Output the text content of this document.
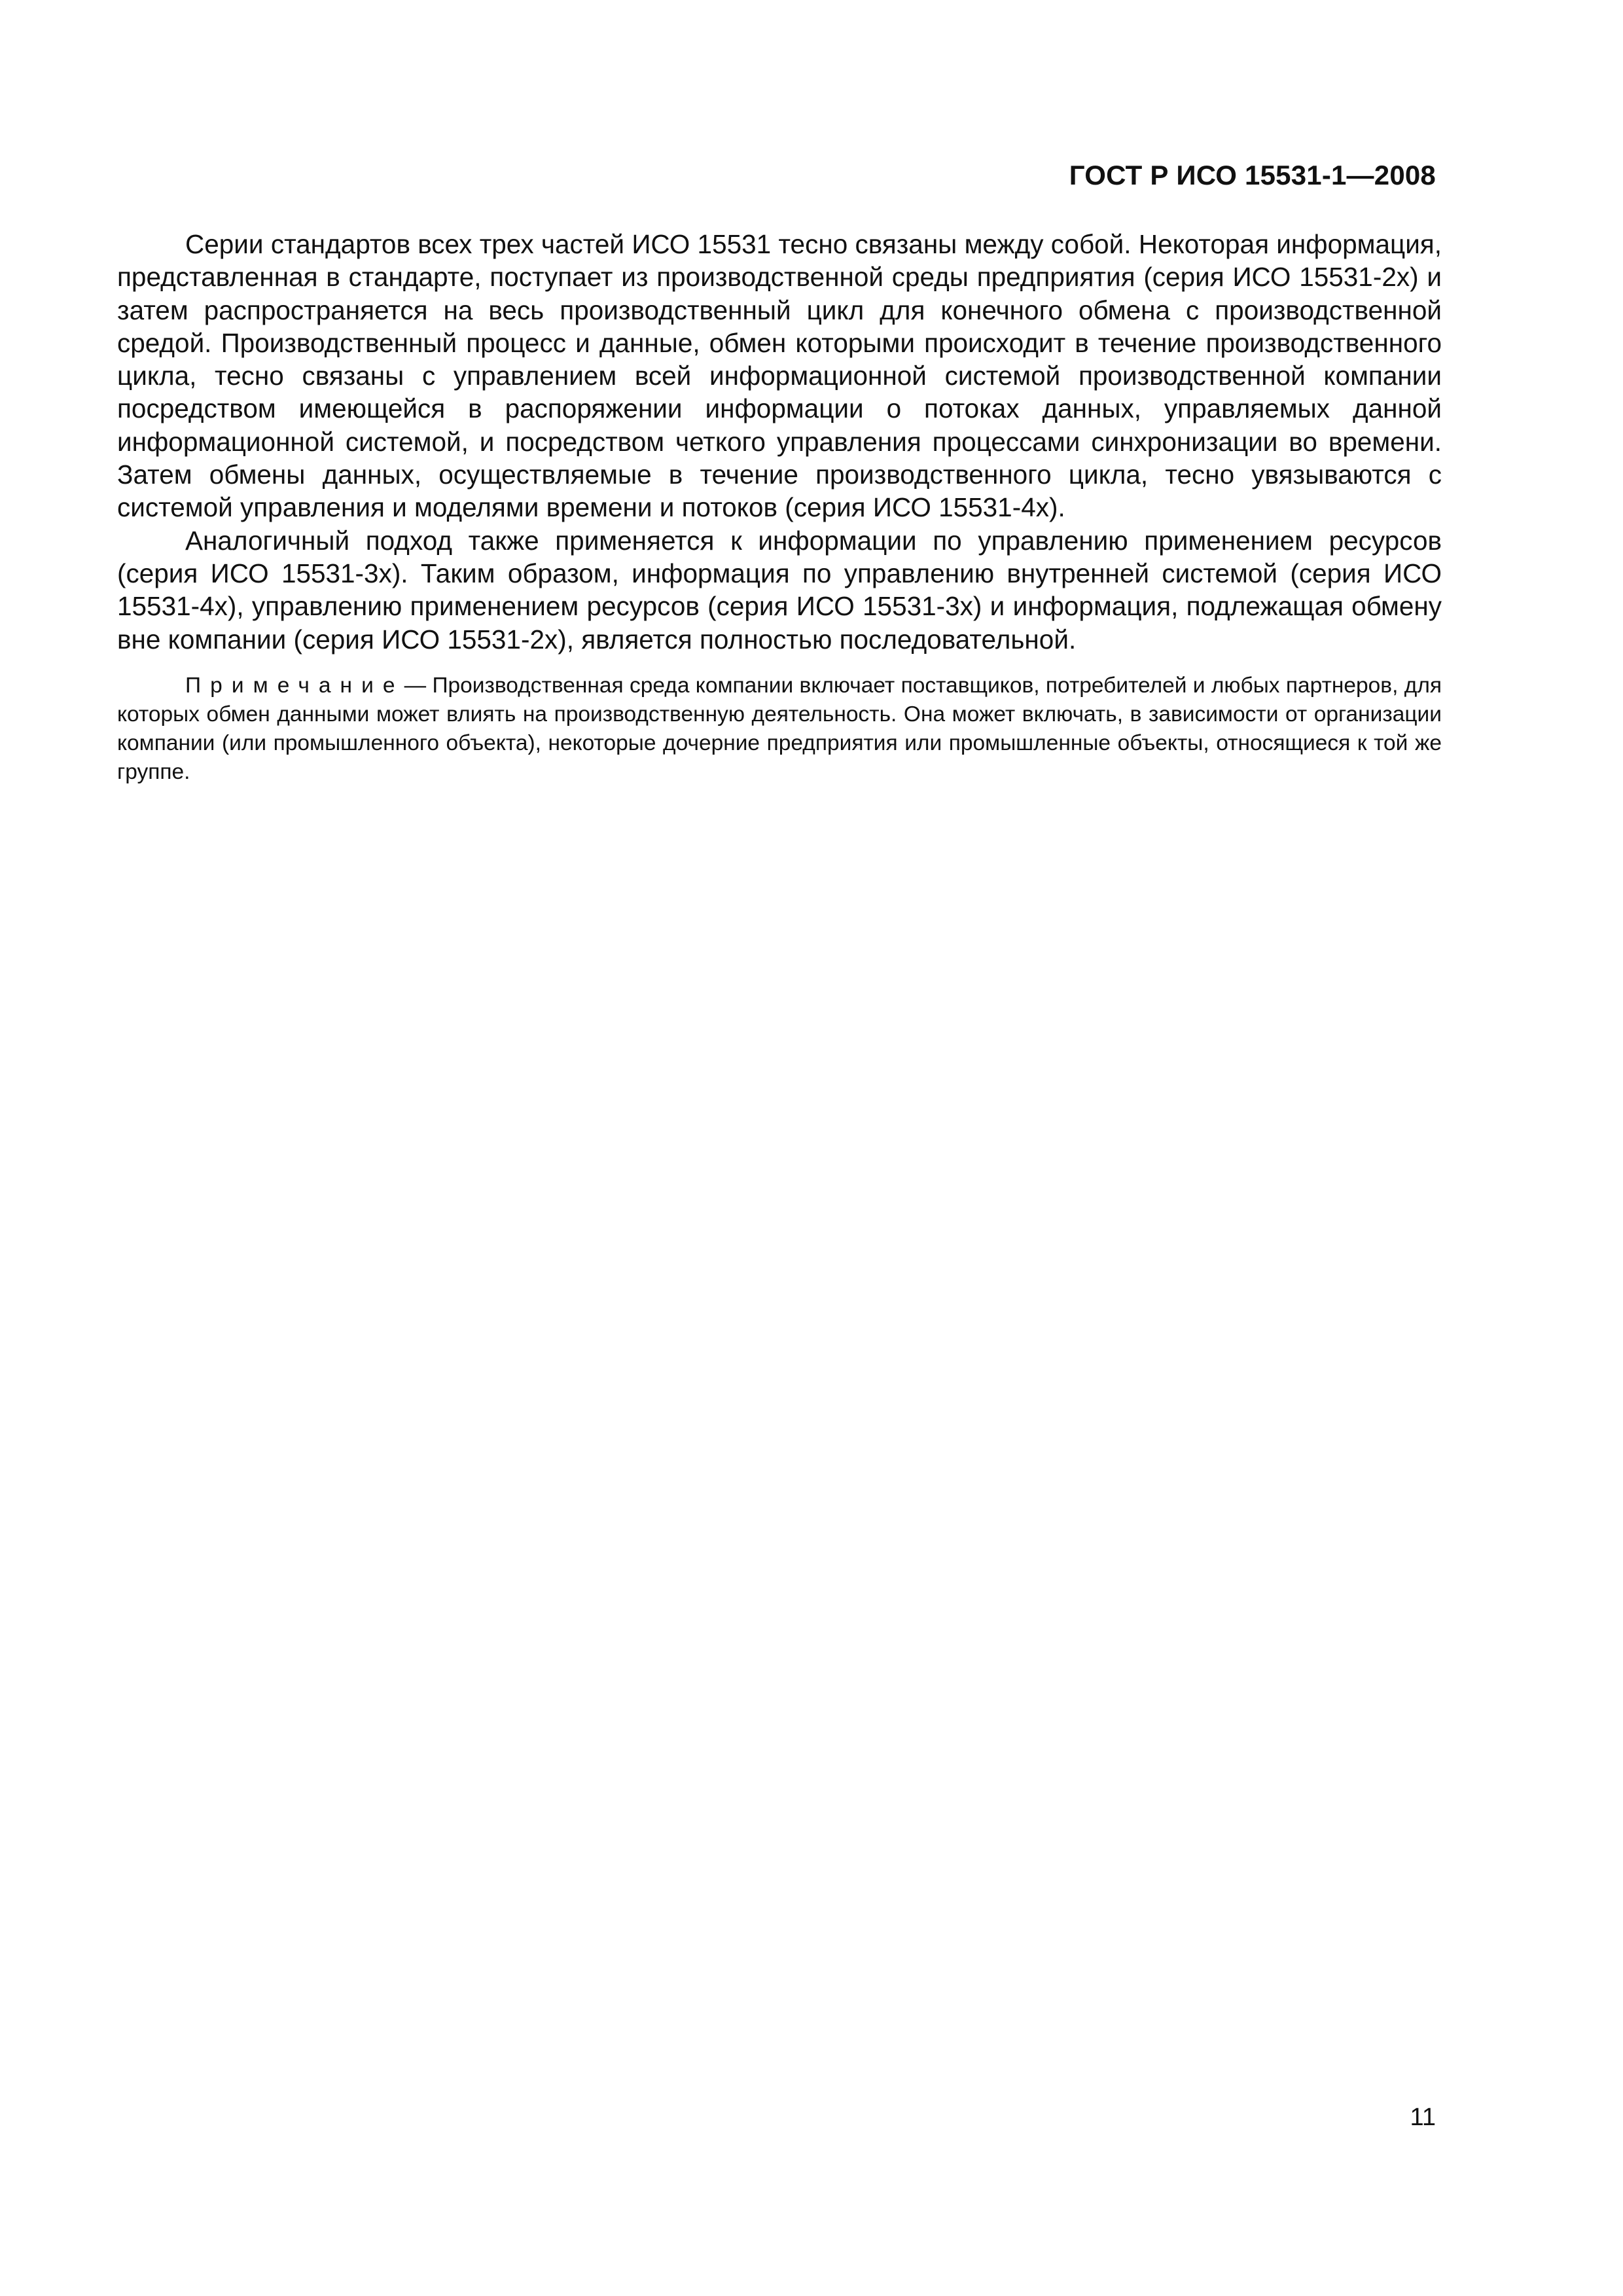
ГОСТ Р ИСО 15531-1—2008

Серии стандартов всех трех частей ИСО 15531 тесно связаны между собой. Некоторая информация, представленная в стандарте, поступает из производственной среды предприятия (серия ИСО 15531-2х) и затем распространяется на весь производственный цикл для конечного обмена с производственной средой. Производственный процесс и данные, обмен которыми происходит в течение производственного цикла, тесно связаны с управлением всей информационной системой производственной компании посредством имеющейся в распоряжении информации о потоках данных, управляемых данной информационной системой, и посредством четкого управления процессами синхронизации во времени. Затем обмены данных, осуществляемые в течение производственного цикла, тесно увязываются с системой управления и моделями времени и потоков (серия ИСО 15531-4х).

Аналогичный подход также применяется к информации по управлению применением ресурсов (серия ИСО 15531-3х). Таким образом, информация по управлению внутренней системой (серия ИСО 15531-4х), управлению применением ресурсов (серия ИСО 15531-3х) и информация, подлежащая обмену вне компании (серия ИСО 15531-2х), является полностью последовательной.

Примечание— Производственная среда компании включает поставщиков, потребителей и любых партнеров, для которых обмен данными может влиять на производственную деятельность. Она может включать, в зависимости от организации компании (или промышленного объекта), некоторые дочерние предприятия или промышленные объекты, относящиеся к той же группе.

11
